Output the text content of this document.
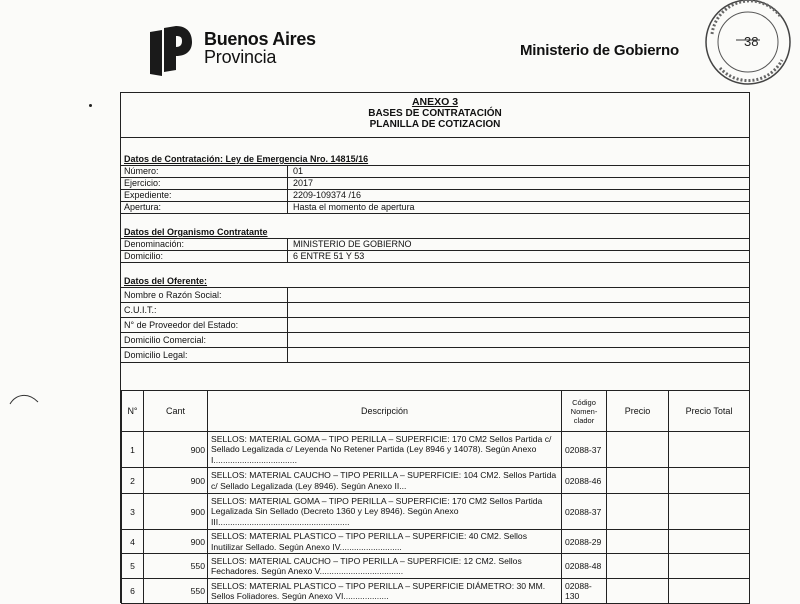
Buenos Aires
Provincia	Ministerio de Gobierno
38
ANEXO 3
BASES DE CONTRATACIÓN
PLANILLA DE COTIZACION
Datos de Contratación: Ley de Emergencia Nro. 14815/16
Número:	01
Ejercicio:	2017
Expediente:	2209-109374 /16
Apertura:	Hasta el momento de apertura
Datos del Organismo Contratante
Denominación:	MINISTERIO DE GOBIERNO
Domicilio:	6 ENTRE 51 Y 53
Datos del Oferente:
Nombre o Razón Social:
C.U.I.T.:
N° de Proveedor del Estado:
Domicilio Comercial:
Domicilio Legal:
N°	Cant	Descripción	Código Nomen- clador	Precio	Precio Total
1	900	SELLOS: MATERIAL GOMA – TIPO PERILLA – SUPERFICIE: 170 CM2 Sellos Partida c/ Sellado Legalizada c/ Leyenda No Retener Partida (Ley 8946 y 14078). Según Anexo I...................................	02088-37		
2	900	SELLOS: MATERIAL CAUCHO – TIPO PERILLA – SUPERFICIE: 104 CM2. Sellos Partida c/ Sellado Legalizada (Ley 8946). Según Anexo II...	02088-46		
3	900	SELLOS: MATERIAL GOMA – TIPO PERILLA – SUPERFICIE: 170 CM2 Sellos Partida Legalizada Sin Sellado (Decreto 1360 y Ley 8946). Según Anexo III.......................................................	02088-37		
4	900	SELLOS: MATERIAL PLASTICO – TIPO PERILLA – SUPERFICIE: 40 CM2. Sellos Inutilizar Sellado. Según Anexo IV..........................	02088-29		
5	550	SELLOS: MATERIAL CAUCHO – TIPO PERILLA – SUPERFICIE: 12 CM2. Sellos Fechadores. Según Anexo V...................................	02088-48		
6	550	SELLOS: MATERIAL PLASTICO – TIPO PERILLA – SUPERFICIE DIÁMETRO: 30 MM. Sellos Foliadores. Según Anexo VI...................	02088-130		
